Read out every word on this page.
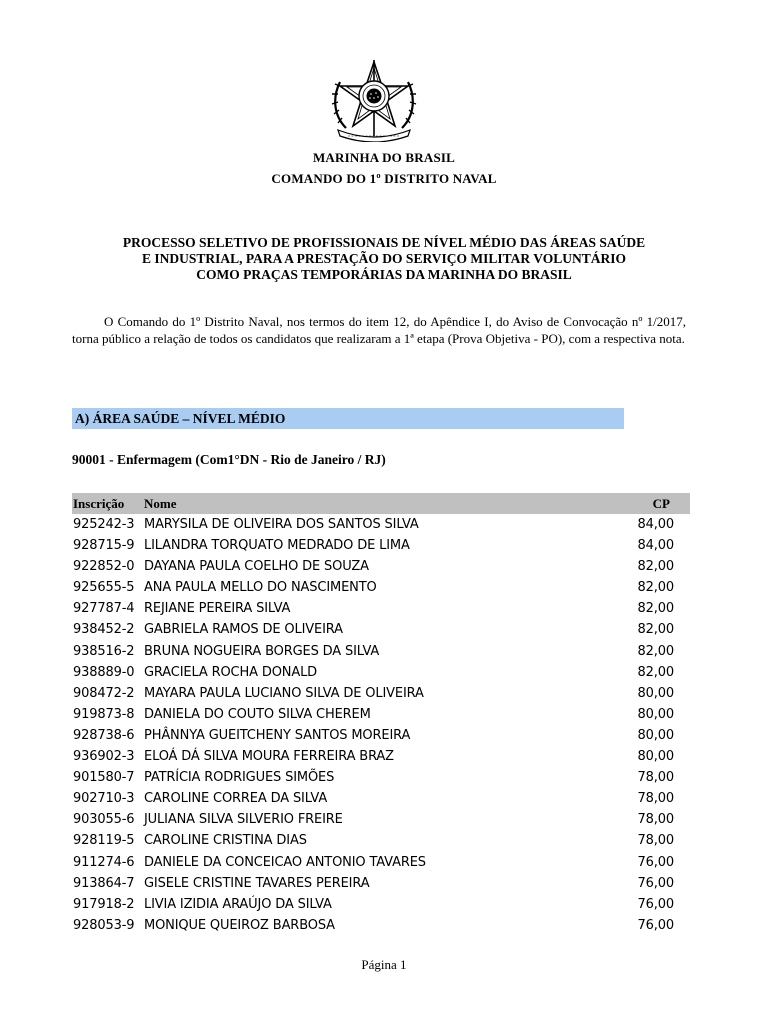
MARINHA DO BRASIL
COMANDO DO 1º DISTRITO NAVAL
PROCESSO SELETIVO DE PROFISSIONAIS DE NÍVEL MÉDIO DAS ÁREAS SAÚDE
E INDUSTRIAL, PARA A PRESTAÇÃO DO SERVIÇO MILITAR VOLUNTÁRIO
COMO PRAÇAS TEMPORÁRIAS DA MARINHA DO BRASIL
O Comando do 1º Distrito Naval, nos termos do item 12, do Apêndice I, do Aviso de Convocação nº 1/2017, torna público a relação de todos os candidatos que realizaram a 1ª etapa (Prova Objetiva - PO), com a respectiva nota.
A) ÁREA SAÚDE – NÍVEL MÉDIO
90001 - Enfermagem (Com1°DN - Rio de Janeiro / RJ)
Inscrição Nome	CP
925242-3 MARYSILA DE OLIVEIRA DOS SANTOS SILVA	84,00
928715-9 LILANDRA TORQUATO MEDRADO DE LIMA	84,00
922852-0 DAYANA PAULA COELHO DE SOUZA	82,00
925655-5 ANA PAULA MELLO DO NASCIMENTO	82,00
927787-4 REJIANE PEREIRA SILVA	82,00
938452-2 GABRIELA RAMOS DE OLIVEIRA	82,00
938516-2 BRUNA NOGUEIRA BORGES DA SILVA	82,00
938889-0 GRACIELA ROCHA DONALD	82,00
908472-2 MAYARA PAULA LUCIANO SILVA DE OLIVEIRA	80,00
919873-8 DANIELA DO COUTO SILVA CHEREM	80,00
928738-6 PHÂNNYA GUEITCHENY SANTOS MOREIRA	80,00
936902-3 ELOÁ DÁ SILVA MOURA FERREIRA BRAZ	80,00
901580-7 PATRÍCIA RODRIGUES SIMÕES	78,00
902710-3 CAROLINE CORREA DA SILVA	78,00
903055-6 JULIANA SILVA SILVERIO FREIRE	78,00
928119-5 CAROLINE CRISTINA DIAS	78,00
911274-6 DANIELE DA CONCEICAO ANTONIO TAVARES	76,00
913864-7 GISELE CRISTINE TAVARES PEREIRA	76,00
917918-2 LIVIA IZIDIA ARAÚJO DA SILVA	76,00
928053-9 MONIQUE QUEIROZ BARBOSA	76,00
Página 1
